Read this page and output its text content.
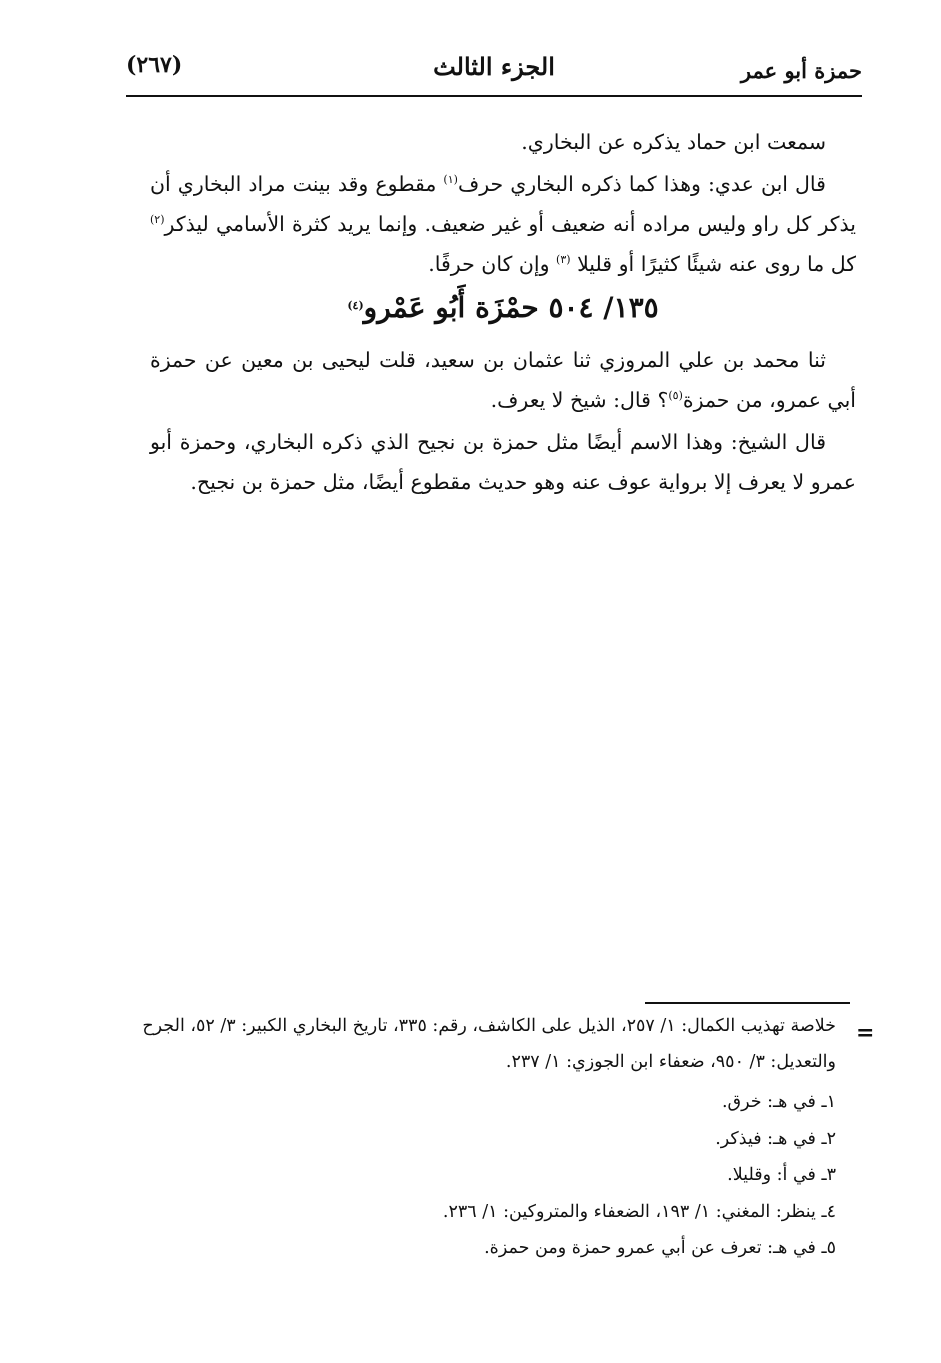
حمزة أبو عمر
الجزء الثالث
(٢٦٧)

سمعت ابن حماد يذكره عن البخاري.

قال ابن عدي: وهذا كما ذكره البخاري حرف$^{(١)}$ مقطوع وقد بينت مراد البخاري أن يذكر كل راو وليس مراده أنه ضعيف أو غير ضعيف. وإنما يريد كثرة الأسامي ليذكر$^{(٢)}$ كل ما روى عنه شيئًا كثيرًا أو قليلا $^{(٣)}$ وإن كان حرفًا.

١٣٥/ ٥٠٤ حمْزَة أَبُو عَمْرو$^{(٤)}$

ثنا محمد بن علي المروزي ثنا عثمان بن سعيد، قلت ليحيى بن معين عن حمزة أبي عمرو، من حمزة$^{(٥)}$؟ قال: شيخ لا يعرف.

قال الشيخ: وهذا الاسم أيضًا مثل حمزة بن نجيح الذي ذكره البخاري، وحمزة أبو عمرو لا يعرف إلا برواية عوف عنه وهو حديث مقطوع أيضًا، مثل حمزة بن نجيح.

=

خلاصة تهذيب الكمال: ١/ ٢٥٧، الذيل على الكاشف، رقم: ٣٣٥، تاريخ البخاري الكبير: ٣/ ٥٢، الجرح والتعديل: ٣/ ٩٥٠، ضعفاء ابن الجوزي: ١/ ٢٣٧.

١ـ في هـ: خرق.
٢ـ في هـ: فيذكر.
٣ـ في أ: وقليلا.
٤ـ ينظر: المغني: ١/ ١٩٣، الضعفاء والمتروكين: ١/ ٢٣٦.
٥ـ في هـ: تعرف عن أبي عمرو حمزة ومن حمزة.
